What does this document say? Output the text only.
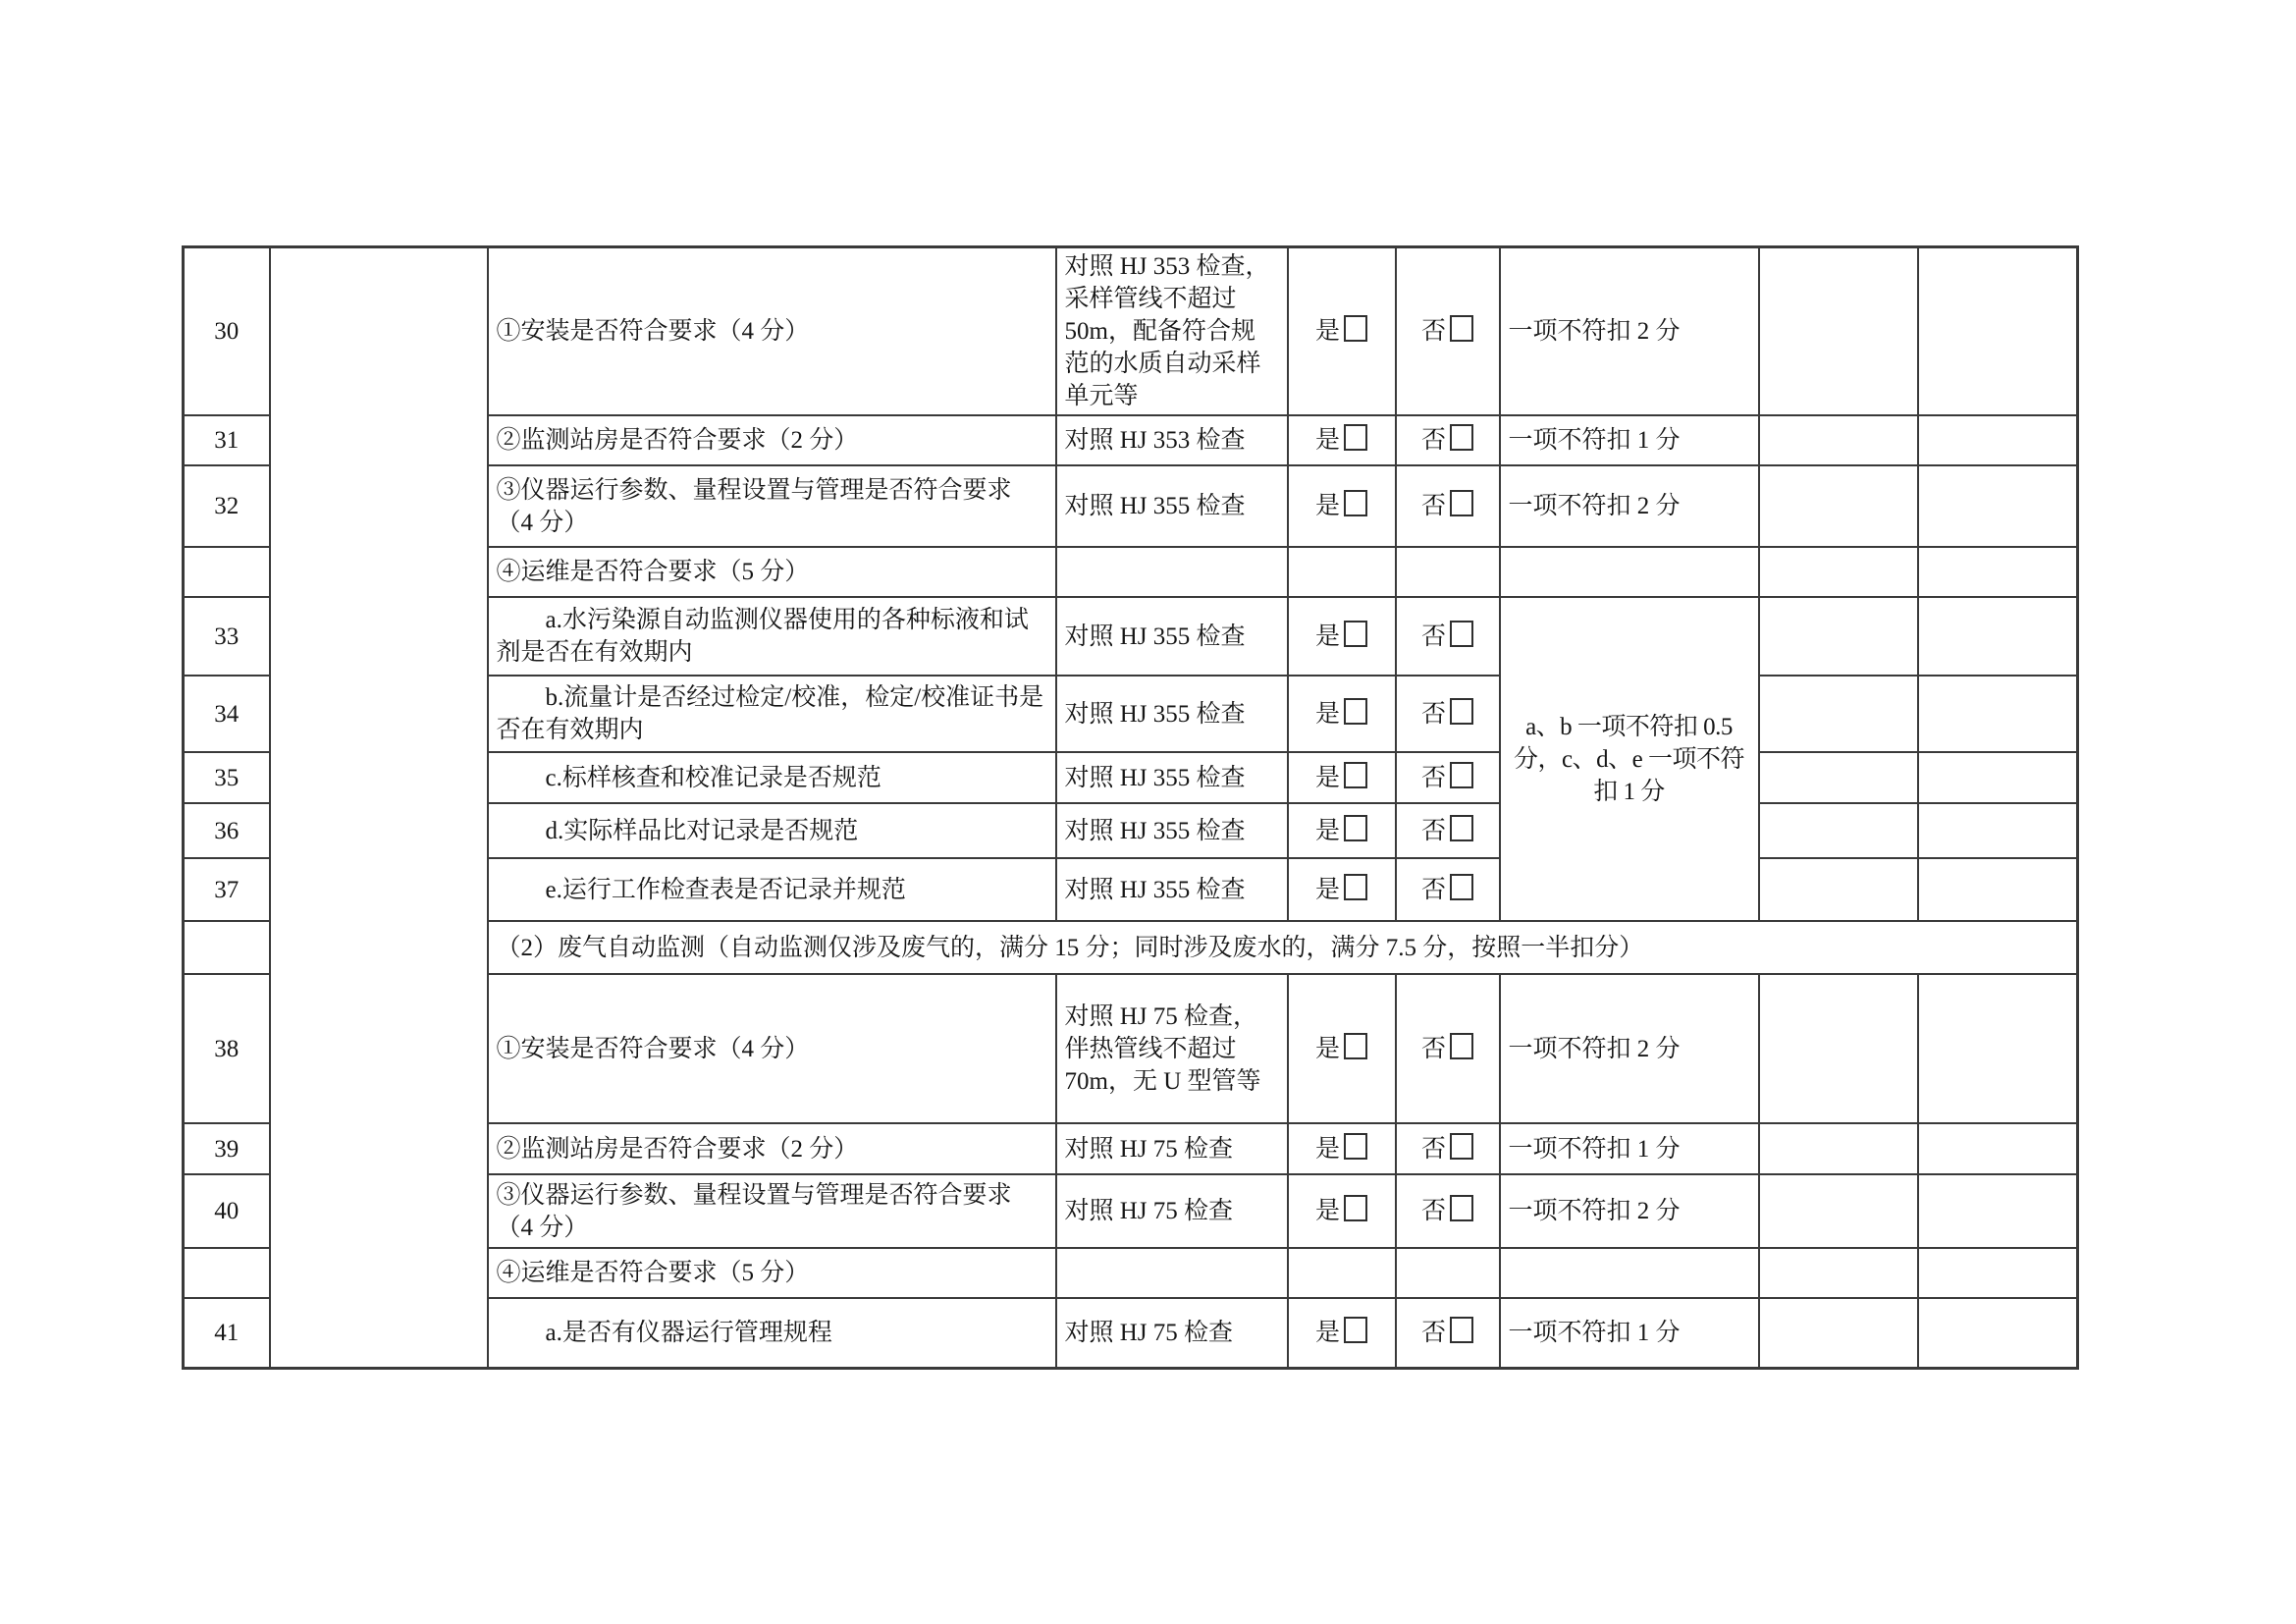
30		①安装是否符合要求（4 分）	对照 HJ 353 检查，采样管线不超过 50m，配备符合规范的水质自动采样单元等	是	否	一项不符扣 2 分		
31		②监测站房是否符合要求（2 分）	对照 HJ 353 检查	是	否	一项不符扣 1 分		
32		③仪器运行参数、量程设置与管理是否符合要求（4 分）	对照 HJ 355 检查	是	否	一项不符扣 2 分		
		④运维是否符合要求（5 分）						
33		a.水污染源自动监测仪器使用的各种标液和试剂是否在有效期内	对照 HJ 355 检查	是	否	a、b 一项不符扣 0.5 分，c、d、e 一项不符扣 1 分		
34		b.流量计是否经过检定/校准，检定/校准证书是否在有效期内	对照 HJ 355 检查	是	否			
35		c.标样核查和校准记录是否规范	对照 HJ 355 检查	是	否			
36		d.实际样品比对记录是否规范	对照 HJ 355 检查	是	否			
37		e.运行工作检查表是否记录并规范	对照 HJ 355 检查	是	否			
		（2）废气自动监测（自动监测仅涉及废气的，满分 15 分；同时涉及废水的，满分 7.5 分，按照一半扣分）						
38		①安装是否符合要求（4 分）	对照 HJ 75 检查，伴热管线不超过 70m，无 U 型管等	是	否	一项不符扣 2 分		
39		②监测站房是否符合要求（2 分）	对照 HJ 75 检查	是	否	一项不符扣 1 分		
40		③仪器运行参数、量程设置与管理是否符合要求（4 分）	对照 HJ 75 检查	是	否	一项不符扣 2 分		
		④运维是否符合要求（5 分）						
41		a.是否有仪器运行管理规程	对照 HJ 75 检查	是	否	一项不符扣 1 分		
